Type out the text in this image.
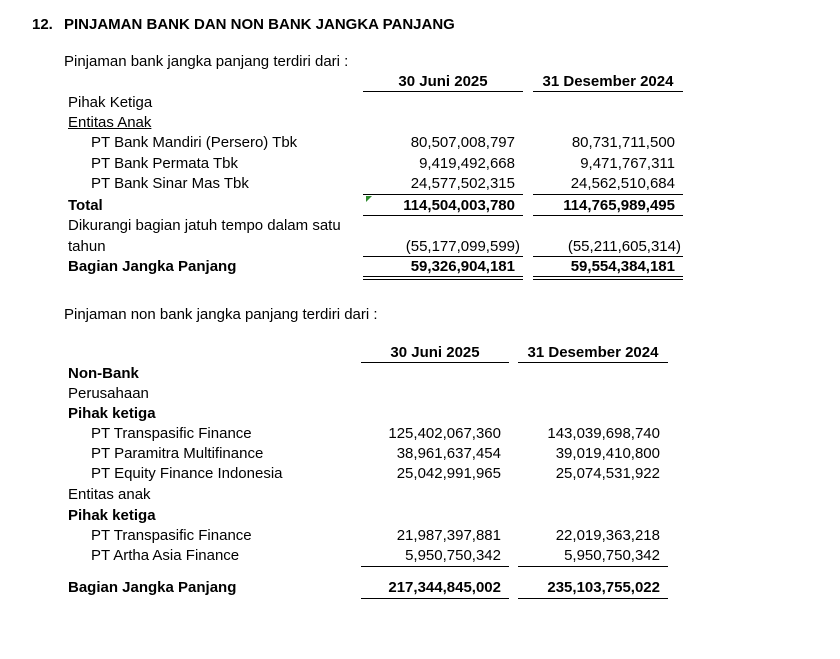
12. PINJAMAN BANK DAN NON BANK JANGKA PANJANG
Pinjaman bank jangka panjang terdiri dari :
30 Juni 2025	31 Desember 2024
Pihak Ketiga
Entitas Anak
PT Bank Mandiri (Persero) Tbk	80,507,008,797	80,731,711,500
PT Bank Permata Tbk	9,419,492,668	9,471,767,311
PT Bank Sinar Mas Tbk	24,577,502,315	24,562,510,684
Total	114,504,003,780	114,765,989,495
Dikurangi bagian jatuh tempo dalam satu
tahun	(55,177,099,599)	(55,211,605,314)
Bagian Jangka Panjang	59,326,904,181	59,554,384,181
Pinjaman non bank jangka panjang terdiri dari :
30 Juni 2025	31 Desember 2024
Non-Bank
Perusahaan
Pihak ketiga
PT Transpasific Finance	125,402,067,360	143,039,698,740
PT Paramitra Multifinance	38,961,637,454	39,019,410,800
PT Equity Finance Indonesia	25,042,991,965	25,074,531,922
Entitas anak
Pihak ketiga
PT Transpasific Finance	21,987,397,881	22,019,363,218
PT Artha Asia Finance	5,950,750,342	5,950,750,342
Bagian Jangka Panjang	217,344,845,002	235,103,755,022
